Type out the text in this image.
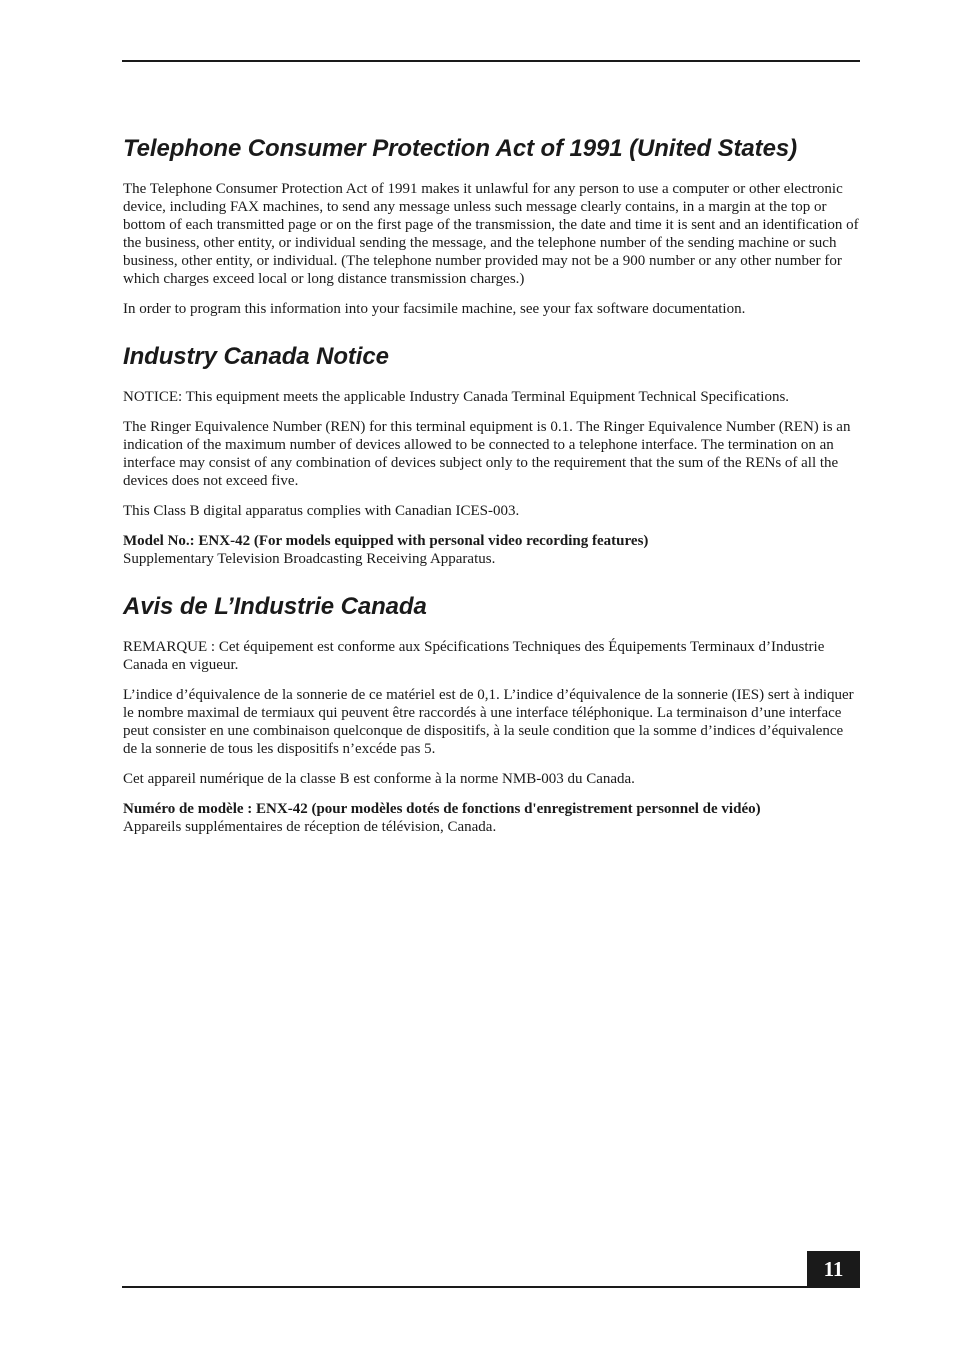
Telephone Consumer Protection Act of 1991 (United States)

The Telephone Consumer Protection Act of 1991 makes it unlawful for any person to use a computer or other electronic device, including FAX machines, to send any message unless such message clearly contains, in a margin at the top or bottom of each transmitted page or on the first page of the transmission, the date and time it is sent and an identification of the business, other entity, or individual sending the message, and the telephone number of the sending machine or such business, other entity, or individual. (The telephone number provided may not be a 900 number or any other number for which charges exceed local or long distance transmission charges.)

In order to program this information into your facsimile machine, see your fax software documentation.

Industry Canada Notice

NOTICE: This equipment meets the applicable Industry Canada Terminal Equipment Technical Specifications.

The Ringer Equivalence Number (REN) for this terminal equipment is 0.1. The Ringer Equivalence Number (REN) is an indication of the maximum number of devices allowed to be connected to a telephone interface. The termination on an interface may consist of any combination of devices subject only to the requirement that the sum of the RENs of all the devices does not exceed five.

This Class B digital apparatus complies with Canadian ICES-003.

Model No.: ENX-42 (For models equipped with personal video recording features)
Supplementary Television Broadcasting Receiving Apparatus.

Avis de L’Industrie Canada

REMARQUE : Cet équipement est conforme aux Spécifications Techniques des Équipements Terminaux d’Industrie Canada en vigueur.

L’indice d’équivalence de la sonnerie de ce matériel est de 0,1. L’indice d’équivalence de la sonnerie (IES) sert à indiquer le nombre maximal de termiaux qui peuvent être raccordés à une interface téléphonique. La terminaison d’une interface peut consister en une combinaison quelconque de dispositifs, à la seule condition que la somme d’indices d’équivalence de la sonnerie de tous les dispositifs n’excéde pas 5.

Cet appareil numérique de la classe B est conforme à la norme NMB-003 du Canada.

Numéro de modèle : ENX-42 (pour modèles dotés de fonctions d'enregistrement personnel de vidéo)
Appareils supplémentaires de réception de télévision, Canada.

11
